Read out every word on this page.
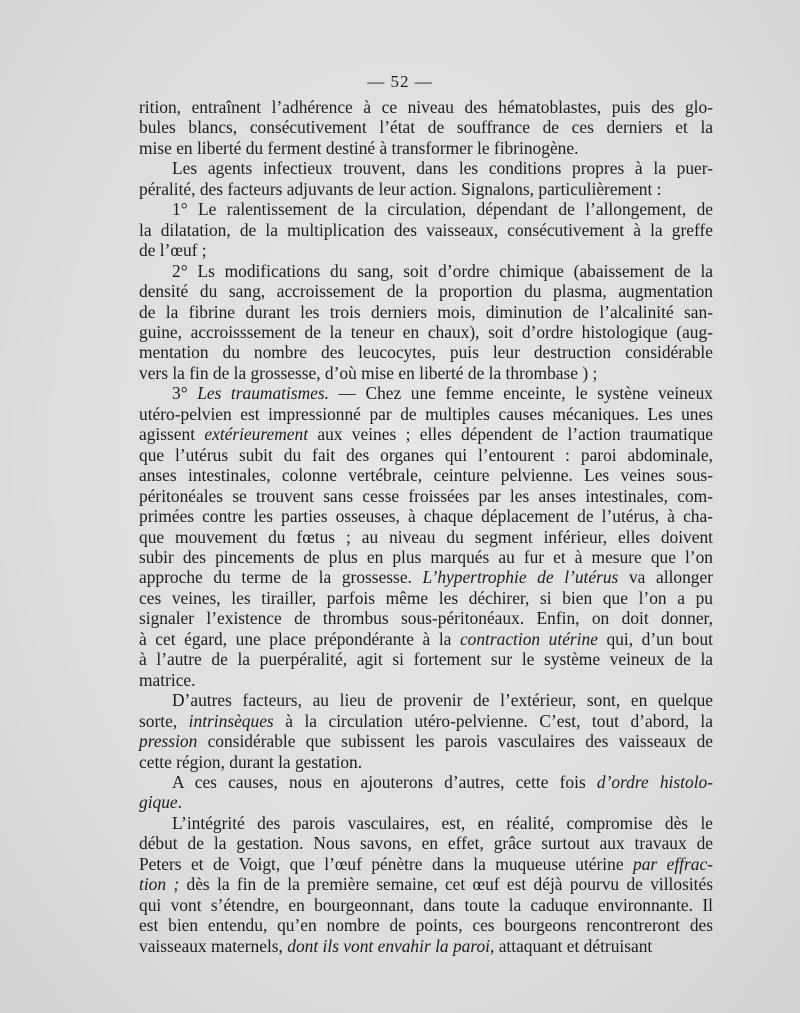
— 52 —
rition, entraînent l’adhérence à ce niveau des hématoblastes, puis des glo-
bules blancs, consécutivement l’état de souffrance de ces derniers et la
mise en liberté du ferment destiné à transformer le fibrinogène.
Les agents infectieux trouvent, dans les conditions propres à la puer-
péralité, des facteurs adjuvants de leur action. Signalons, particulièrement :
1° Le ralentissement de la circulation, dépendant de l’allongement, de
la dilatation, de la multiplication des vaisseaux, consécutivement à la greffe
de l’œuf ;
2° Ls modifications du sang, soit d’ordre chimique (abaissement de la
densité du sang, accroissement de la proportion du plasma, augmentation
de la fibrine durant les trois derniers mois, diminution de l’alcalinité san-
guine, accroisssement de la teneur en chaux), soit d’ordre histologique (aug-
mentation du nombre des leucocytes, puis leur destruction considérable
vers la fin de la grossesse, d’où mise en liberté de la thrombase ) ;
3° Les traumatismes. — Chez une femme enceinte, le systène veineux
utéro-pelvien est impressionné par de multiples causes mécaniques. Les unes
agissent extérieurement aux veines ; elles dépendent de l’action traumatique
que l’utérus subit du fait des organes qui l’entourent : paroi abdominale,
anses intestinales, colonne vertébrale, ceinture pelvienne. Les veines sous-
péritonéales se trouvent sans cesse froissées par les anses intestinales, com-
primées contre les parties osseuses, à chaque déplacement de l’utérus, à cha-
que mouvement du fœtus ; au niveau du segment inférieur, elles doivent
subir des pincements de plus en plus marqués au fur et à mesure que l’on
approche du terme de la grossesse. L’hypertrophie de l’utérus va allonger
ces veines, les tirailler, parfois même les déchirer, si bien que l’on a pu
signaler l’existence de thrombus sous-péritonéaux. Enfin, on doit donner,
à cet égard, une place prépondérante à la contraction utérine qui, d’un bout
à l’autre de la puerpéralité, agit si fortement sur le système veineux de la
matrice.
D’autres facteurs, au lieu de provenir de l’extérieur, sont, en quelque
sorte, intrinsèques à la circulation utéro-pelvienne. C’est, tout d’abord, la
pression considérable que subissent les parois vasculaires des vaisseaux de
cette région, durant la gestation.
A ces causes, nous en ajouterons d’autres, cette fois d’ordre histolo-
gique.
L’intégrité des parois vasculaires, est, en réalité, compromise dès le
début de la gestation. Nous savons, en effet, grâce surtout aux travaux de
Peters et de Voigt, que l’œuf pénètre dans la muqueuse utérine par effrac-
tion ; dès la fin de la première semaine, cet œuf est déjà pourvu de villosités
qui vont s’étendre, en bourgeonnant, dans toute la caduque environnante. Il
est bien entendu, qu’en nombre de points, ces bourgeons rencontreront des
vaisseaux maternels, dont ils vont envahir la paroi, attaquant et détruisant
